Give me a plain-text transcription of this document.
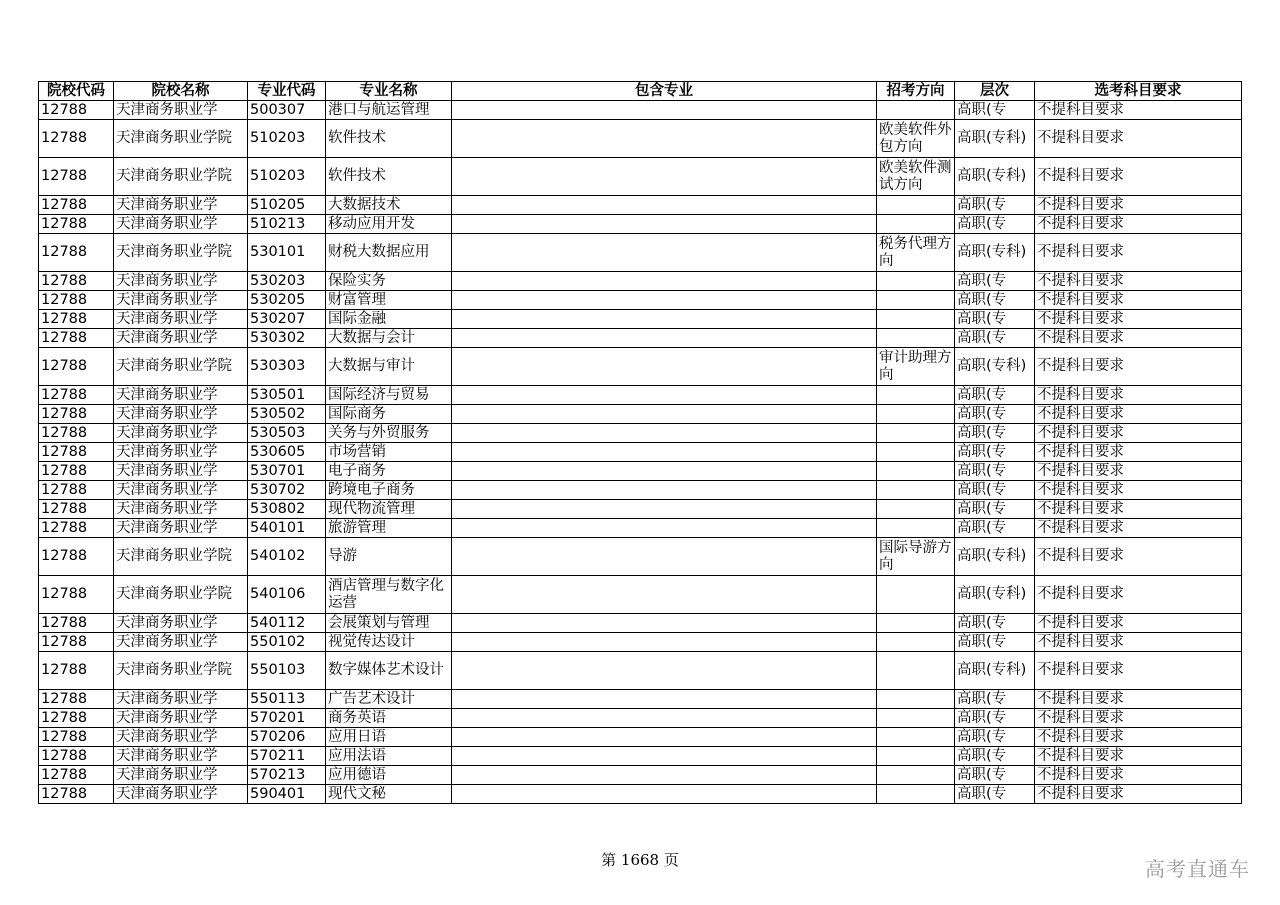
院校代码	院校名称	专业代码	专业名称	包含专业	招考方向	层次	选考科目要求
12788	天津商务职业学	500307	港口与航运管理			高职(专	不提科目要求
12788	天津商务职业学院	510203	软件技术		欧美软件外包方向	高职(专科)	不提科目要求
12788	天津商务职业学院	510203	软件技术		欧美软件测试方向	高职(专科)	不提科目要求
12788	天津商务职业学	510205	大数据技术			高职(专	不提科目要求
12788	天津商务职业学	510213	移动应用开发			高职(专	不提科目要求
12788	天津商务职业学院	530101	财税大数据应用		税务代理方向	高职(专科)	不提科目要求
12788	天津商务职业学	530203	保险实务			高职(专	不提科目要求
12788	天津商务职业学	530205	财富管理			高职(专	不提科目要求
12788	天津商务职业学	530207	国际金融			高职(专	不提科目要求
12788	天津商务职业学	530302	大数据与会计			高职(专	不提科目要求
12788	天津商务职业学院	530303	大数据与审计		审计助理方向	高职(专科)	不提科目要求
12788	天津商务职业学	530501	国际经济与贸易			高职(专	不提科目要求
12788	天津商务职业学	530502	国际商务			高职(专	不提科目要求
12788	天津商务职业学	530503	关务与外贸服务			高职(专	不提科目要求
12788	天津商务职业学	530605	市场营销			高职(专	不提科目要求
12788	天津商务职业学	530701	电子商务			高职(专	不提科目要求
12788	天津商务职业学	530702	跨境电子商务			高职(专	不提科目要求
12788	天津商务职业学	530802	现代物流管理			高职(专	不提科目要求
12788	天津商务职业学	540101	旅游管理			高职(专	不提科目要求
12788	天津商务职业学院	540102	导游		国际导游方向	高职(专科)	不提科目要求
12788	天津商务职业学院	540106	酒店管理与数字化运营			高职(专科)	不提科目要求
12788	天津商务职业学	540112	会展策划与管理			高职(专	不提科目要求
12788	天津商务职业学	550102	视觉传达设计			高职(专	不提科目要求
12788	天津商务职业学院	550103	数字媒体艺术设计			高职(专科)	不提科目要求
12788	天津商务职业学	550113	广告艺术设计			高职(专	不提科目要求
12788	天津商务职业学	570201	商务英语			高职(专	不提科目要求
12788	天津商务职业学	570206	应用日语			高职(专	不提科目要求
12788	天津商务职业学	570211	应用法语			高职(专	不提科目要求
12788	天津商务职业学	570213	应用德语			高职(专	不提科目要求
12788	天津商务职业学	590401	现代文秘			高职(专	不提科目要求
第 1668 页	高考直通车
